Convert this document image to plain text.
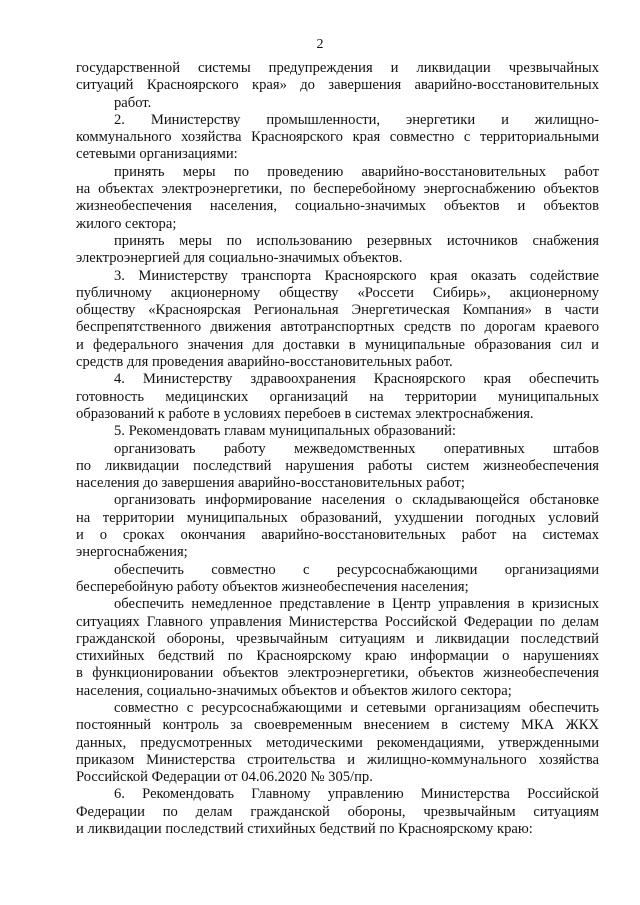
2
государственной системы предупреждения и ликвидации чрезвычайных
ситуаций Красноярского края» до завершения аварийно-восстановительных
работ.
2. Министерству промышленности, энергетики и жилищно-
коммунального хозяйства Красноярского края совместно с территориальными
сетевыми организациями:
принять меры по проведению аварийно-восстановительных работ
на объектах электроэнергетики, по бесперебойному энергоснабжению объектов
жизнеобеспечения населения, социально-значимых объектов и объектов
жилого сектора;
принять меры по использованию резервных источников снабжения
электроэнергией для социально-значимых объектов.
3. Министерству транспорта Красноярского края оказать содействие
публичному акционерному обществу «Россети Сибирь», акционерному
обществу «Красноярская Региональная Энергетическая Компания» в части
беспрепятственного движения автотранспортных средств по дорогам краевого
и федерального значения для доставки в муниципальные образования сил и
средств для проведения аварийно-восстановительных работ.
4. Министерству здравоохранения Красноярского края обеспечить
готовность медицинских организаций на территории муниципальных
образований к работе в условиях перебоев в системах электроснабжения.
5. Рекомендовать главам муниципальных образований:
организовать работу межведомственных оперативных штабов
по ликвидации последствий нарушения работы систем жизнеобеспечения
населения до завершения аварийно-восстановительных работ;
организовать информирование населения о складывающейся обстановке
на территории муниципальных образований, ухудшении погодных условий
и о сроках окончания аварийно-восстановительных работ на системах
энергоснабжения;
обеспечить совместно с ресурсоснабжающими организациями
бесперебойную работу объектов жизнеобеспечения населения;
обеспечить немедленное представление в Центр управления в кризисных
ситуациях Главного управления Министерства Российской Федерации по делам
гражданской обороны, чрезвычайным ситуациям и ликвидации последствий
стихийных бедствий по Красноярскому краю информации о нарушениях
в функционировании объектов электроэнергетики, объектов жизнеобеспечения
населения, социально-значимых объектов и объектов жилого сектора;
совместно с ресурсоснабжающими и сетевыми организациям обеспечить
постоянный контроль за своевременным внесением в систему МКА ЖКХ
данных, предусмотренных методическими рекомендациями, утвержденными
приказом Министерства строительства и жилищно-коммунального хозяйства
Российской Федерации от 04.06.2020 № 305/пр.
6. Рекомендовать Главному управлению Министерства Российской
Федерации по делам гражданской обороны, чрезвычайным ситуациям
и ликвидации последствий стихийных бедствий по Красноярскому краю:
